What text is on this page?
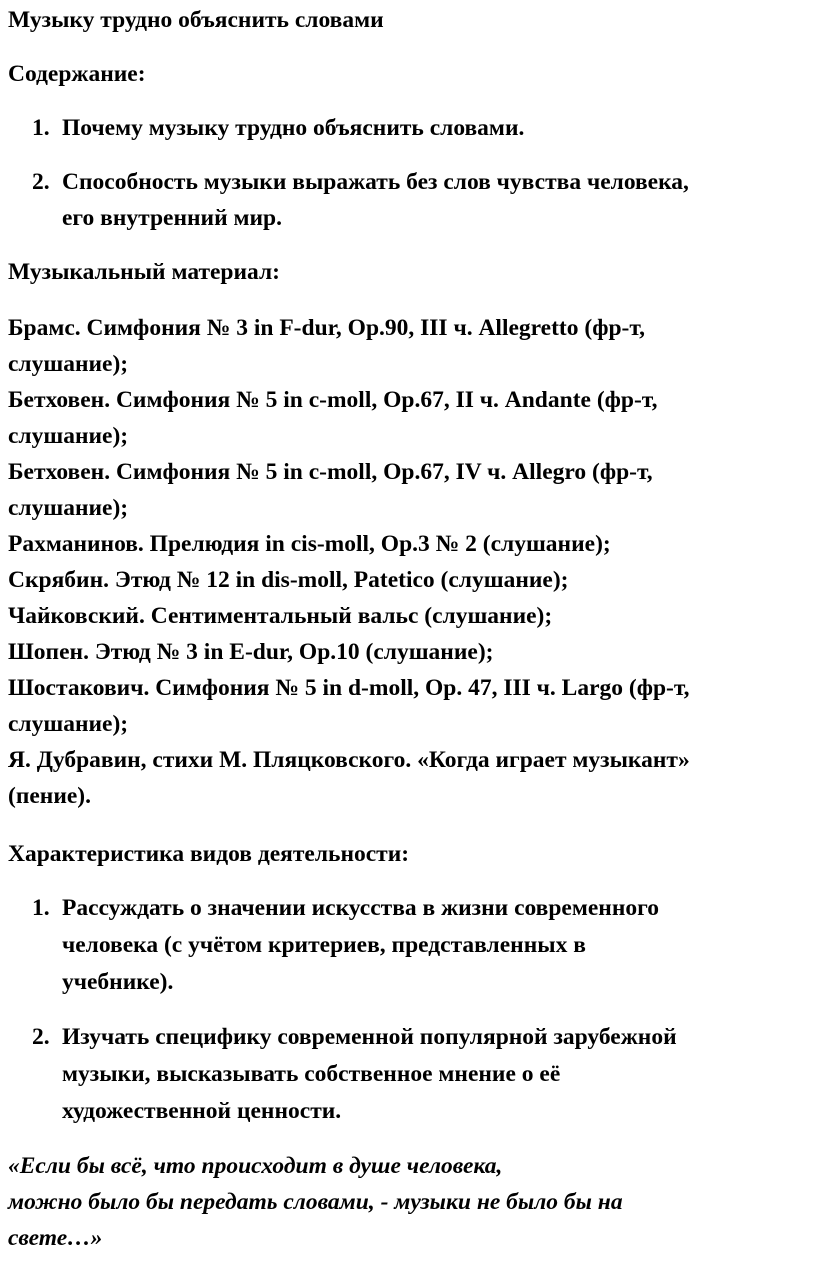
Музыку трудно объяснить словами
Содержание:
1. Почему музыку трудно объяснить словами.
2. Способность музыки выражать без слов чувства человека,
его внутренний мир.
Музыкальный материал:
Брамс. Симфония № 3 in F-dur, Op.90, III ч. Allegretto (фр-т,
слушание);
Бетховен. Симфония № 5 in c-moll, Op.67, II ч. Andante (фр-т,
слушание);
Бетховен. Симфония № 5 in c-moll, Op.67, IV ч. Allegro (фр-т,
слушание);
Рахманинов. Прелюдия in cis-moll, Op.3 № 2 (слушание);
Скрябин. Этюд № 12 in dis-moll, Patetico (слушание);
Чайковский. Сентиментальный вальс (слушание);
Шопен. Этюд № 3 in E-dur, Op.10 (слушание);
Шостакович. Симфония № 5 in d-moll, Op. 47, III ч. Largo (фр-т,
слушание);
Я. Дубравин, стихи М. Пляцковского. «Когда играет музыкант»
(пение).
Характеристика видов деятельности:
1. Рассуждать о значении искусства в жизни современного
человека (с учётом критериев, представленных в
учебнике).
2. Изучать специфику современной популярной зарубежной
музыки, высказывать собственное мнение о её
художественной ценности.
«Если бы всё, что происходит в душе человека,
можно было бы передать словами, - музыки не было бы на
свете…»
